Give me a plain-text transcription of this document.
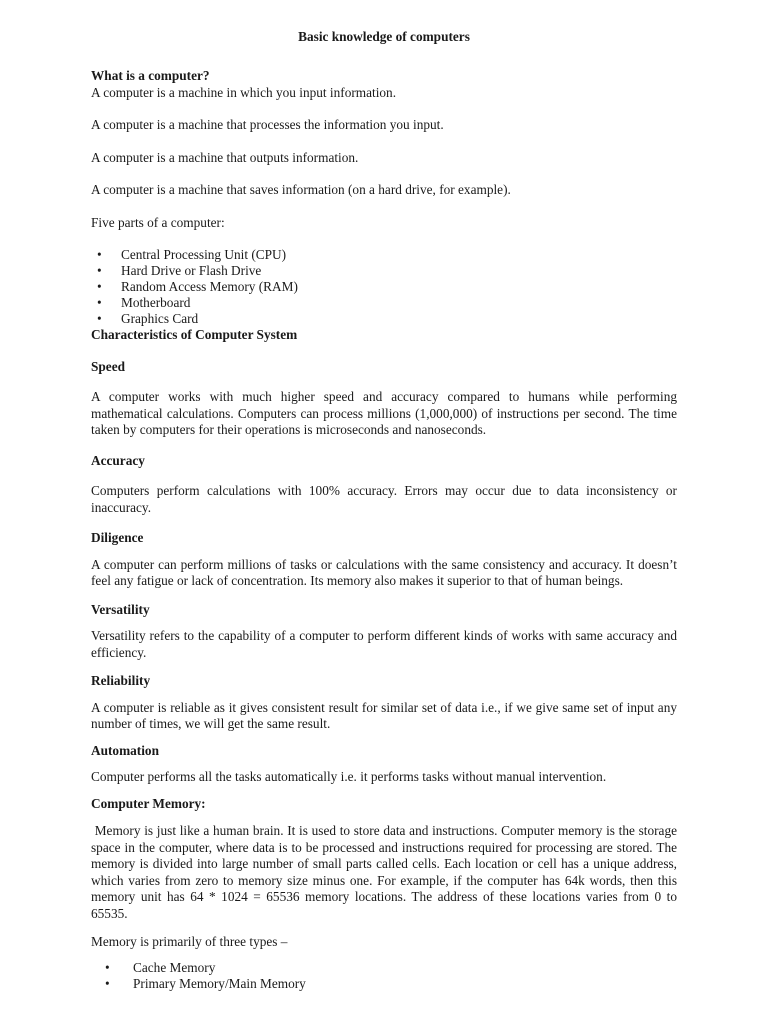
Basic knowledge of computers

What is a computer?

A computer is a machine in which you input information.

A computer is a machine that processes the information you input.

A computer is a machine that outputs information.

A computer is a machine that saves information (on a hard drive, for example).

Five parts of a computer:

• Central Processing Unit (CPU)
• Hard Drive or Flash Drive
• Random Access Memory (RAM)
• Motherboard
• Graphics Card

Characteristics of Computer System

Speed

A computer works with much higher speed and accuracy compared to humans while performing mathematical calculations. Computers can process millions (1,000,000) of instructions per second. The time taken by computers for their operations is microseconds and nanoseconds.

Accuracy

Computers perform calculations with 100% accuracy. Errors may occur due to data inconsistency or inaccuracy.

Diligence

A computer can perform millions of tasks or calculations with the same consistency and accuracy. It doesn’t feel any fatigue or lack of concentration. Its memory also makes it superior to that of human beings.

Versatility

Versatility refers to the capability of a computer to perform different kinds of works with same accuracy and efficiency.

Reliability

A computer is reliable as it gives consistent result for similar set of data i.e., if we give same set of input any number of times, we will get the same result.

Automation

Computer performs all the tasks automatically i.e. it performs tasks without manual intervention.

Computer Memory:

Memory is just like a human brain. It is used to store data and instructions. Computer memory is the storage space in the computer, where data is to be processed and instructions required for processing are stored. The memory is divided into large number of small parts called cells. Each location or cell has a unique address, which varies from zero to memory size minus one. For example, if the computer has 64k words, then this memory unit has 64 * 1024 = 65536 memory locations. The address of these locations varies from 0 to 65535.

Memory is primarily of three types –

• Cache Memory
• Primary Memory/Main Memory
